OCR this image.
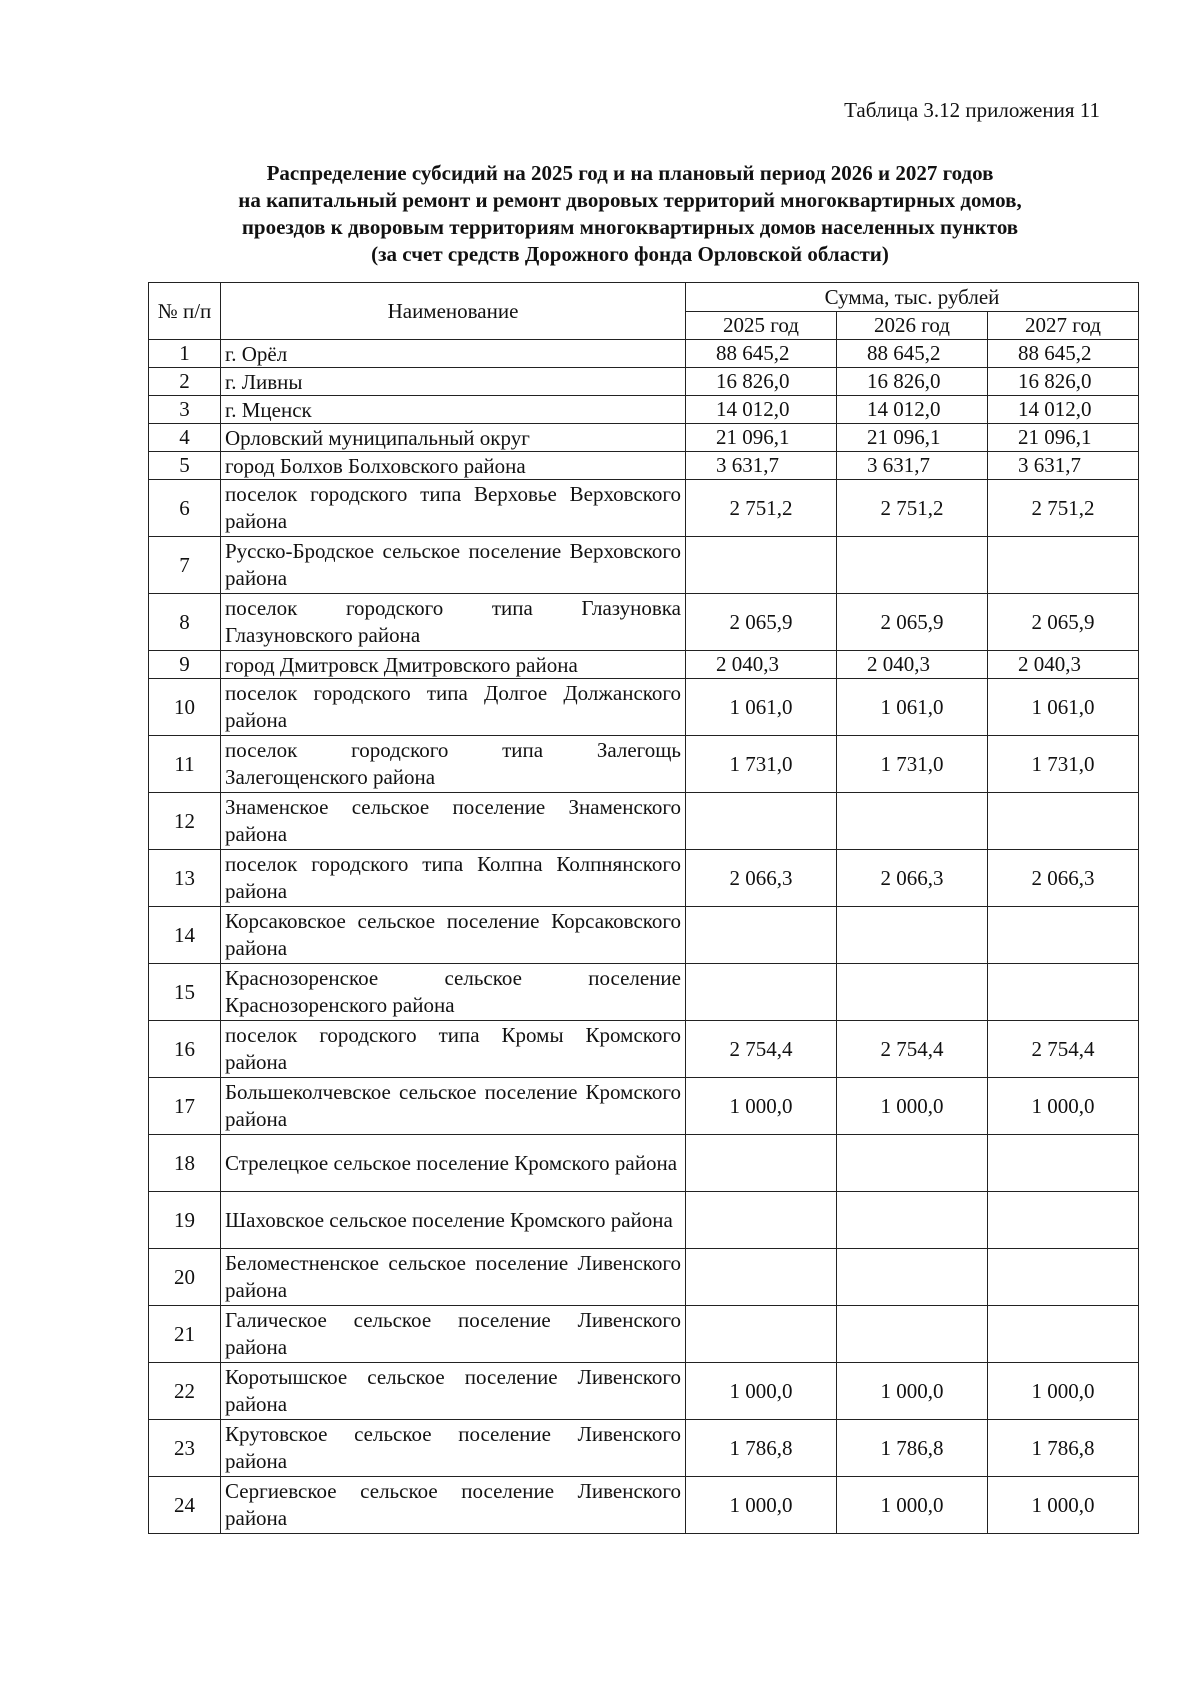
Таблица 3.12 приложения 11
Распределение субсидий на 2025 год и на плановый период 2026 и 2027 годов
на капитальный ремонт и ремонт дворовых территорий многоквартирных домов,
проездов к дворовым территориям многоквартирных домов населенных пунктов
(за счет средств Дорожного фонда Орловской области)
№ п/п	Наименование	Сумма, тыс. рублей		
		2025 год	2026 год	2027 год
1	г. Орёл	88 645,2	88 645,2	88 645,2
2	г. Ливны	16 826,0	16 826,0	16 826,0
3	г. Мценск	14 012,0	14 012,0	14 012,0
4	Орловский муниципальный округ	21 096,1	21 096,1	21 096,1
5	город Болхов Болховского района	3 631,7	3 631,7	3 631,7
6	поселок городского типа Верховье Верховского района	2 751,2	2 751,2	2 751,2
7	Русско-Бродское сельское поселение Верховского района			
8	поселок городского типа Глазуновка Глазуновского района	2 065,9	2 065,9	2 065,9
9	город Дмитровск Дмитровского района	2 040,3	2 040,3	2 040,3
10	поселок городского типа Долгое Должанского района	1 061,0	1 061,0	1 061,0
11	поселок городского типа Залегощь Залегощенского района	1 731,0	1 731,0	1 731,0
12	Знаменское сельское поселение Знаменского района			
13	поселок городского типа Колпна Колпнянского района	2 066,3	2 066,3	2 066,3
14	Корсаковское сельское поселение Корсаковского района			
15	Краснозоренское сельское поселение Краснозоренского района			
16	поселок городского типа Кромы Кромского района	2 754,4	2 754,4	2 754,4
17	Большеколчевское сельское поселение Кромского района	1 000,0	1 000,0	1 000,0
18	Стрелецкое сельское поселение Кромского района			
19	Шаховское сельское поселение Кромского района			
20	Беломестненское сельское поселение Ливенского района			
21	Галическое сельское поселение Ливенского района			
22	Коротышское сельское поселение Ливенского района	1 000,0	1 000,0	1 000,0
23	Крутовское сельское поселение Ливенского района	1 786,8	1 786,8	1 786,8
24	Сергиевское сельское поселение Ливенского района	1 000,0	1 000,0	1 000,0
